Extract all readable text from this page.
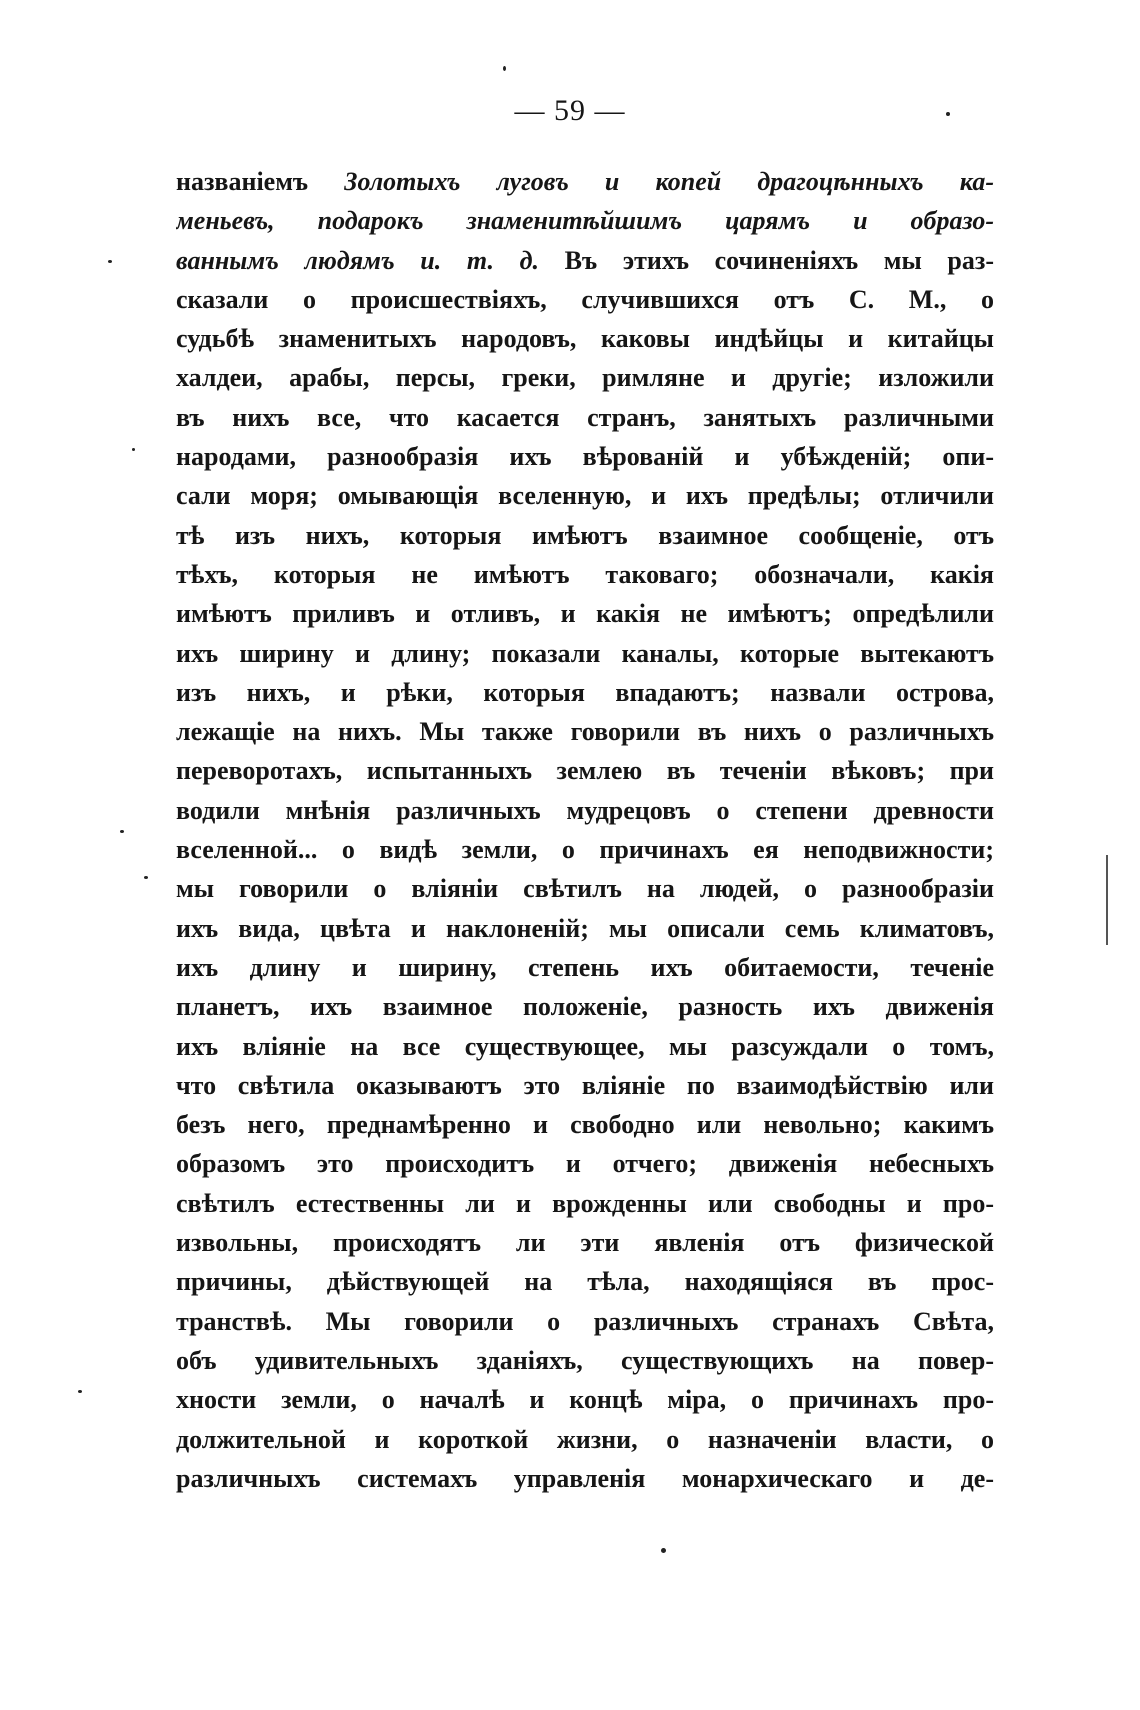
— 59 —
названіемъ Золотыхъ луговъ и копей драгоцѣнныхъ ка-
меньевъ, подарокъ знаменитѣйшимъ царямъ и образо-
ваннымъ людямъ и. т. д. Въ этихъ сочиненіяхъ мы раз-
сказали о происшествіяхъ, случившихся отъ С. М., о
судьбѣ знаменитыхъ народовъ, каковы индѣйцы и китайцы
халдеи, арабы, персы, греки, римляне и другіе; изложили
въ нихъ все, что касается странъ, занятыхъ различными
народами, разнообразія ихъ вѣрованій и убѣжденій; опи-
сали моря; омывающія вселенную, и ихъ предѣлы; отличили
тѣ изъ нихъ, которыя имѣютъ взаимное сообщеніе, отъ
тѣхъ, которыя не имѣютъ таковаго; обозначали, какія
имѣютъ приливъ и отливъ, и какія не имѣютъ; опредѣлили
ихъ ширину и длину; показали каналы, которые вытекаютъ
изъ нихъ, и рѣки, которыя впадаютъ; назвали острова,
лежащіе на нихъ. Мы также говорили въ нихъ о различныхъ
переворотахъ, испытанныхъ землею въ теченіи вѣковъ; при
водили мнѣнія различныхъ мудрецовъ о степени древности
вселенной... о видѣ земли, о причинахъ ея неподвижности;
мы говорили о вліяніи свѣтилъ на людей, о разнообразіи
ихъ вида, цвѣта и наклоненій; мы описали семь климатовъ,
ихъ длину и ширину, степень ихъ обитаемости, теченіе
планетъ, ихъ взаимное положеніе, разность ихъ движенія
ихъ вліяніе на все существующее, мы разсуждали о томъ,
что свѣтила оказываютъ это вліяніе по взаимодѣйствію или
безъ него, преднамѣренно и свободно или невольно; какимъ
образомъ это происходитъ и отчего; движенія небесныхъ
свѣтилъ естественны ли и врожденны или свободны и про-
извольны, происходятъ ли эти явленія отъ физической
причины, дѣйствующей на тѣла, находящіяся въ прос-
транствѣ. Мы говорили о различныхъ странахъ Свѣта,
объ удивительныхъ зданіяхъ, существующихъ на повер-
хности земли, о началѣ и концѣ міра, о причинахъ про-
должительной и короткой жизни, о назначеніи власти, о
различныхъ системахъ управленія монархическаго и де-
